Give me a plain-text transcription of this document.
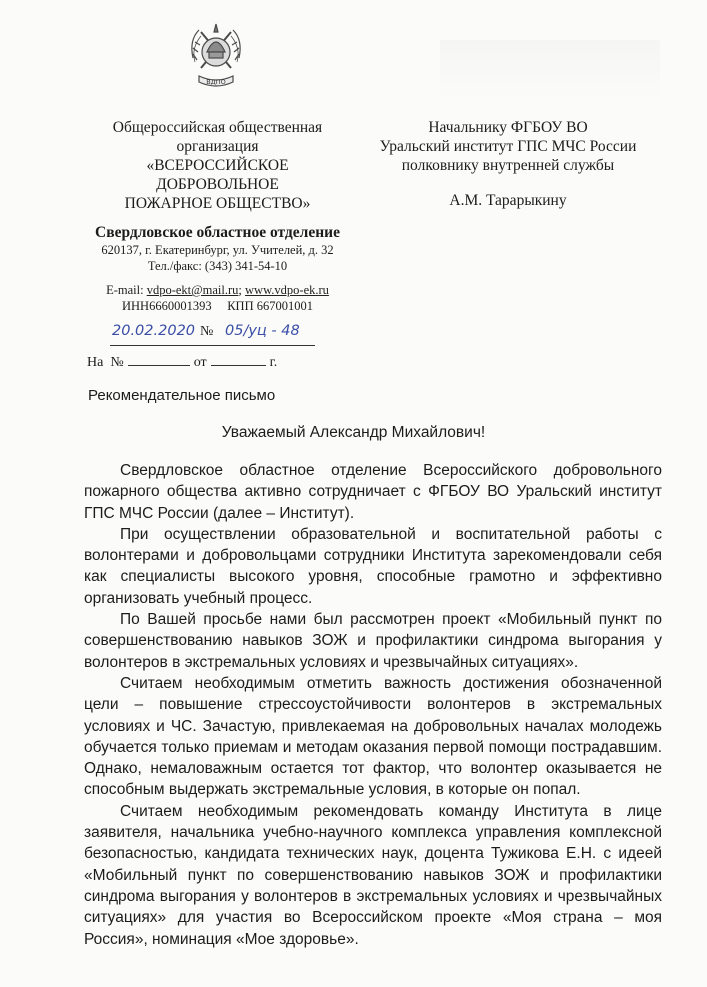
ВДПО
Общероссийская общественная
организация
«ВСЕРОССИЙСКОЕ
ДОБРОВОЛЬНОЕ
ПОЖАРНОЕ ОБЩЕСТВО»
Свердловское областное отделение
620137, г. Екатеринбург, ул. Учителей, д. 32
Тел./факс: (343) 341-54-10
E-mail: vdpo-ekt@mail.ru; www.vdpo-ek.ru
ИНН6660001393     КПП 667001001
Начальнику ФГБОУ ВО
Уральский институт ГПС МЧС России
полковнику внутренней службы
А.М. Тарарыкину
20.02.2020 № 05/уц - 48
На  №	от	г.
Рекомендательное письмо
Уважаемый Александр Михайлович!

Свердловское областное отделение Всероссийского добровольного пожарного общества активно сотрудничает с ФГБОУ ВО Уральский институт ГПС МЧС России (далее – Институт).

При осуществлении образовательной и воспитательной работы с волонтерами и добровольцами сотрудники Института зарекомендовали себя как специалисты высокого уровня, способные грамотно и эффективно организовать учебный процесс.

По Вашей просьбе нами был рассмотрен проект «Мобильный пункт по совершенствованию навыков ЗОЖ и профилактики синдрома выгорания у волонтеров в экстремальных условиях и чрезвычайных ситуациях».

Считаем необходимым отметить важность достижения обозначенной цели – повышение стрессоустойчивости волонтеров в экстремальных условиях и ЧС. Зачастую, привлекаемая на добровольных началах молодежь обучается только приемам и методам оказания первой помощи пострадавшим. Однако, немаловажным остается тот фактор, что волонтер оказывается не способным выдержать экстремальные условия, в которые он попал.

Считаем необходимым рекомендовать команду Института в лице заявителя, начальника учебно-научного комплекса управления комплексной безопасностью, кандидата технических наук, доцента Тужикова Е.Н. с идеей «Мобильный пункт по совершенствованию навыков ЗОЖ и профилактики синдрома выгорания у волонтеров в экстремальных условиях и чрезвычайных ситуациях» для участия во Всероссийском проекте «Моя страна – моя Россия», номинация «Мое здоровье».
